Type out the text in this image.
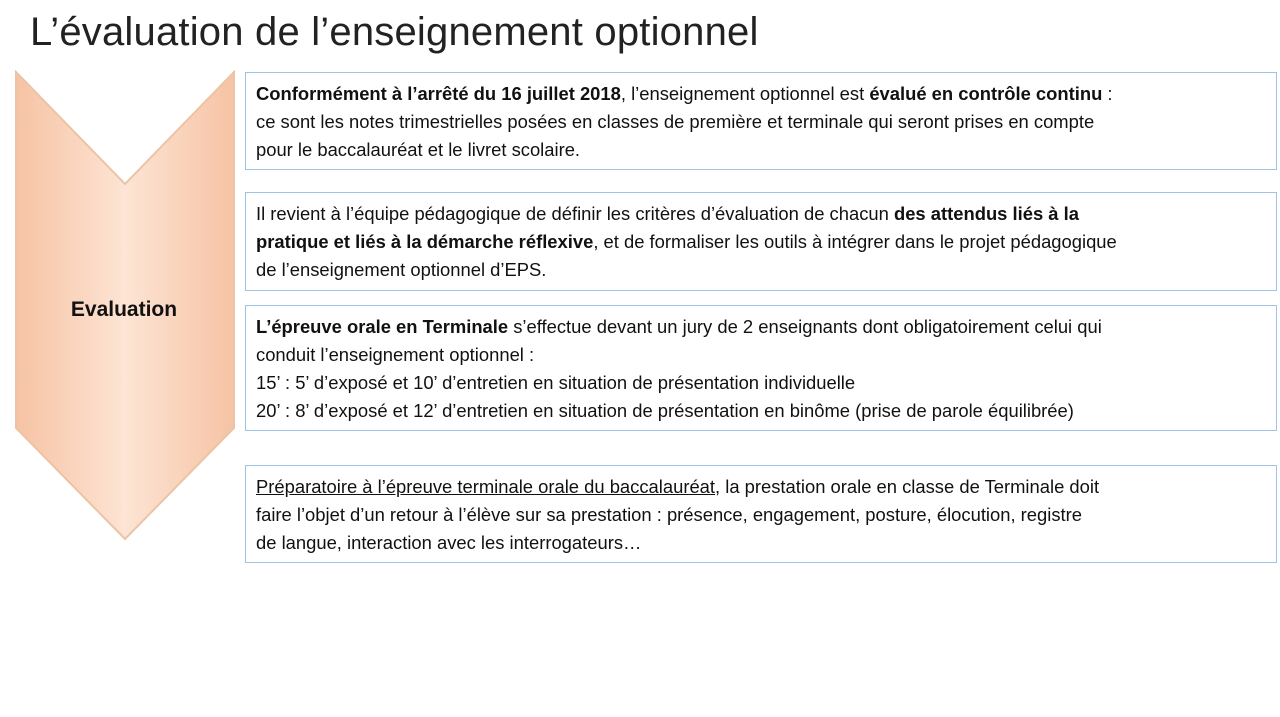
L’évaluation de l’enseignement optionnel
Evaluation
Conformément à l’arrêté du 16 juillet 2018, l’enseignement optionnel est évalué en contrôle continu :
ce sont les notes trimestrielles posées en classes de première et terminale qui seront prises en compte
pour le baccalauréat et le livret scolaire.
Il revient à l’équipe pédagogique de définir les critères d’évaluation de chacun des attendus liés à la
pratique et liés à la démarche réflexive, et de formaliser les outils à intégrer dans le projet pédagogique
de l’enseignement optionnel d’EPS.
L’épreuve orale en Terminale s’effectue devant un jury de 2 enseignants dont obligatoirement celui qui
conduit l’enseignement optionnel :
15’ : 5’ d’exposé et 10’ d’entretien en situation de présentation individuelle
20’ : 8’ d’exposé et 12’ d’entretien en situation de présentation en binôme (prise de parole équilibrée)
Préparatoire à l’épreuve terminale orale du baccalauréat, la prestation orale en classe de Terminale doit
faire l’objet d’un retour à l’élève sur sa prestation : présence, engagement, posture, élocution, registre
de langue, interaction avec les interrogateurs…
